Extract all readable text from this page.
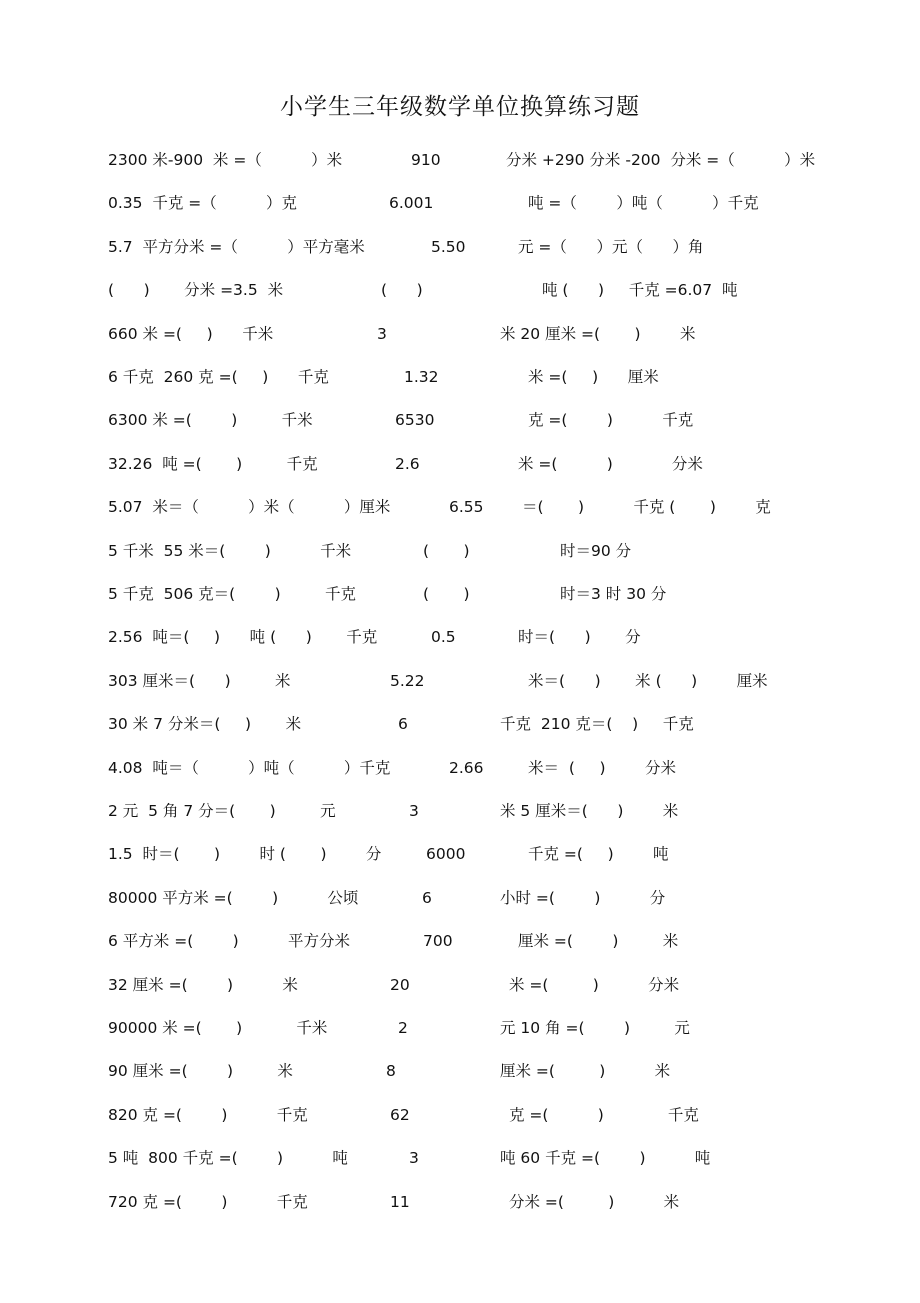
小学生三年级数学单位换算练习题
2300 米-900  米 =（          ）米	910	分米 +290 分米 -200  分米 =（          ）米
0.35  千克 =（          ）克	6.001	吨 =（        ）吨（          ）千克
5.7  平方分米 =（          ）平方毫米	5.50	元 =（      ）元（      ）角
(      )       分米 =3.5  米	(      )	吨 (      )     千克 =6.07  吨
660 米 =(     )      千米	3	米 20 厘米 =(       )        米
6 千克  260 克 =(     )      千克	1.32	米 =(     )      厘米
6300 米 =(        )         千米	6530	克 =(        )          千克
32.26  吨 =(       )         千克	2.6	米 =(          )            分米
5.07  米＝（          ）米（          ）厘米	6.55 ＝(       )          千克 (       )        克
5 千米  55 米＝(        )          千米	(       )	时＝90 分
5 千克  506 克＝(        )         千克	(       )	时＝3 时 30 分
2.56  吨＝(     )      吨 (      )       千克	0.5	时＝(      )       分
303 厘米＝(      )         米	5.22	米＝(      )       米 (      )        厘米
30 米 7 分米＝(     )       米	6	千克  210 克＝(    )     千克
4.08  吨＝（          ）吨（          ）千克	2.66	米＝  (     )        分米
2 元  5 角 7 分＝(       )         元	3	米 5 厘米＝(      )        米
1.5  时＝(       )        时 (       )        分	6000	千克 =(     )        吨
80000 平方米 =(        )          公顷	6	小时 =(        )          分
6 平方米 =(        )          平方分米	700	厘米 =(        )         米
32 厘米 =(        )          米	20	米 =(         )          分米
90000 米 =(       )           千米	2	元 10 角 =(        )         元
90 厘米 =(        )         米	8	厘米 =(         )          米
820 克 =(        )          千克	62	克 =(          )             千克
5 吨  800 千克 =(        )          吨	3	吨 60 千克 =(        )          吨
720 克 =(        )          千克	11	分米 =(         )          米
